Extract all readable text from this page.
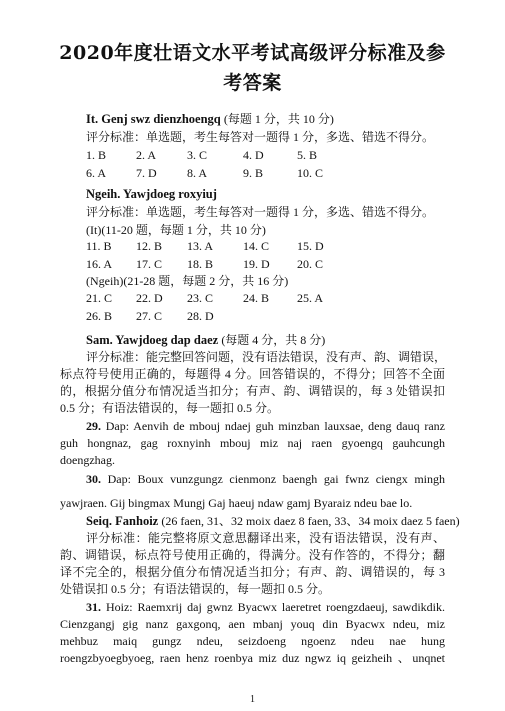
2020年度壮语文水平考试高级评分标准及参
考答案
It. Genj swz dienzhoengq (每题 1 分，共 10 分)
评分标准：单选题，考生每答对一题得 1 分，多选、错选不得分。
1. B 2. A	3. C	4. D	5. B
6. A 7. D	8. A	9. B	10. C
Ngeih. Yawjdoeg roxyiuj
评分标准：单选题，考生每答对一题得 1 分，多选、错选不得分。
(It)(11-20 题，每题 1 分，共 10 分)
11. B 12. B 13. A 14. C 15. D
16. A 17. C 18. B 19. D 20. C
(Ngeih)(21-28 题，每题 2 分，共 16 分)
21. C 22. D 23. C 24. B 25. A
26. B 27. C 28. D
Sam. Yawjdoeg dap daez (每题 4 分，共 8 分)
评分标准：能完整回答问题，没有语法错误，没有声、韵、调错误，
标点符号使用正确的，每题得 4 分。回答错误的，不得分；回答不全面
的，根据分值分布情况适当扣分；有声、韵、调错误的，每 3 处错误扣
0.5 分；有语法错误的，每一题扣 0.5 分。
29. Dap: Aenvih de mbouj ndaej guh minzban lauxsae, deng dauq ranz
guh hongnaz, gag roxnyinh mbouj miz naj raen gyoengq gauhcungh
doengzhag.
30. Dap: Boux vunzgungz cienmonz baengh gai fwnz ciengx mingh
yawjraen. Gij bingmax Mungj Gaj haeuj ndaw gamj Byaraiz ndeu bae lo.
Seiq. Fanhoiz (26 faen, 31、32 moix daez 8 faen, 33、34 moix daez 5 faen)
评分标准：能完整将原文意思翻译出来，没有语法错误，没有声、
韵、调错误，标点符号使用正确的，得满分。没有作答的，不得分；翻
译不完全的，根据分值分布情况适当扣分；有声、韵、调错误的，每 3
处错误扣 0.5 分；有语法错误的，每一题扣 0.5 分。
31. Hoiz: Raemxrij daj gwnz Byacwx laeretret roengzdaeuj, sawdikdik.
Cienzgangj gig nanz gaxgonq, aen mbanj youq din Byacwx ndeu, miz
mehbuz maiq gungz ndeu, seizdoeng ngoenz ndeu nae hung
roengzbyoegbyoeg, raen henz roenbya miz duz ngwz iq geizheih 、unqnet
1
